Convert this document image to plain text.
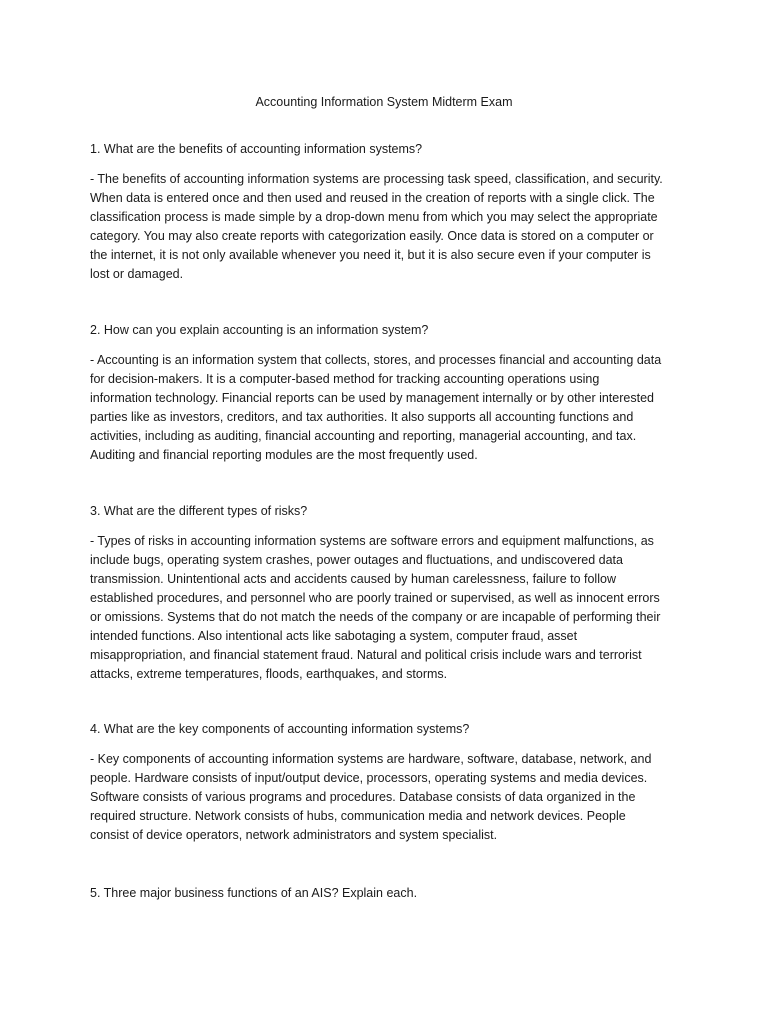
Accounting Information System Midterm Exam

1. What are the benefits of accounting information systems?

- The benefits of accounting information systems are processing task speed, classification, and security.
When data is entered once and then used and reused in the creation of reports with a single click. The
classification process is made simple by a drop-down menu from which you may select the appropriate
category. You may also create reports with categorization easily. Once data is stored on a computer or
the internet, it is not only available whenever you need it, but it is also secure even if your computer is
lost or damaged.

2. How can you explain accounting is an information system?

- Accounting is an information system that collects, stores, and processes financial and accounting data
for decision-makers. It is a computer-based method for tracking accounting operations using
information technology. Financial reports can be used by management internally or by other interested
parties like as investors, creditors, and tax authorities. It also supports all accounting functions and
activities, including as auditing, financial accounting and reporting, managerial accounting, and tax.
Auditing and financial reporting modules are the most frequently used.

3. What are the different types of risks?

- Types of risks in accounting information systems are software errors and equipment malfunctions, as
include bugs, operating system crashes, power outages and fluctuations, and undiscovered data
transmission. Unintentional acts and accidents caused by human carelessness, failure to follow
established procedures, and personnel who are poorly trained or supervised, as well as innocent errors
or omissions. Systems that do not match the needs of the company or are incapable of performing their
intended functions. Also intentional acts like sabotaging a system, computer fraud, asset
misappropriation, and financial statement fraud. Natural and political crisis include wars and terrorist
attacks, extreme temperatures, floods, earthquakes, and storms.

4. What are the key components of accounting information systems?

- Key components of accounting information systems are hardware, software, database, network, and
people. Hardware consists of input/output device, processors, operating systems and media devices.
Software consists of various programs and procedures. Database consists of data organized in the
required structure. Network consists of hubs, communication media and network devices. People
consist of device operators, network administrators and system specialist.

5. Three major business functions of an AIS? Explain each.
